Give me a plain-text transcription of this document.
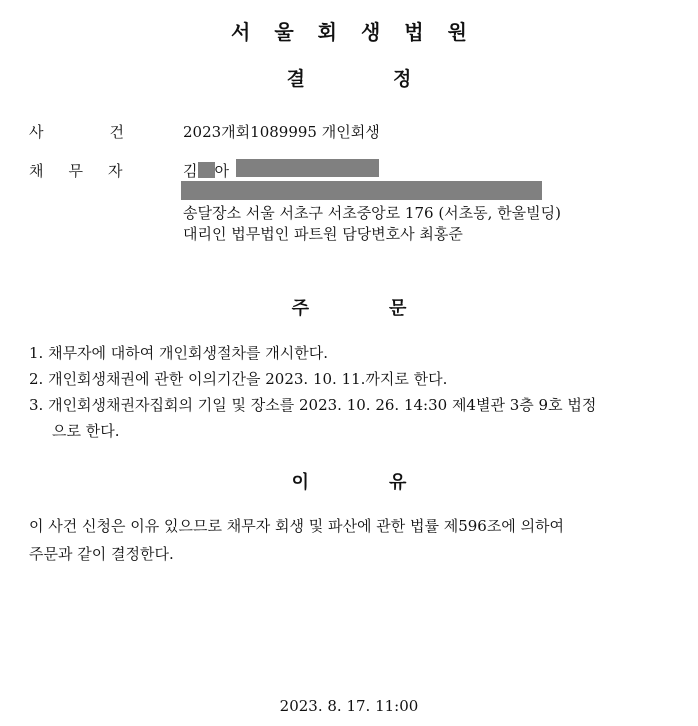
서울회생법원
결정
사	건	2023개회1089995 개인회생
채 무 자	김 아
송달장소 서울 서초구 서초중앙로 176 (서초동, 한울빌딩)
대리인 법무법인 파트원 담당변호사 최홍준
주문
1. 채무자에 대하여 개인회생절차를 개시한다.
2. 개인회생채권에 관한 이의기간을 2023. 10. 11.까지로 한다.
3. 개인회생채권자집회의 기일 및 장소를 2023. 10. 26. 14:30 제4별관 3층 9호 법정
으로 한다.
이유
이 사건 신청은 이유 있으므로 채무자 회생 및 파산에 관한 법률 제596조에 의하여
주문과 같이 결정한다.
2023. 8. 17. 11:00
